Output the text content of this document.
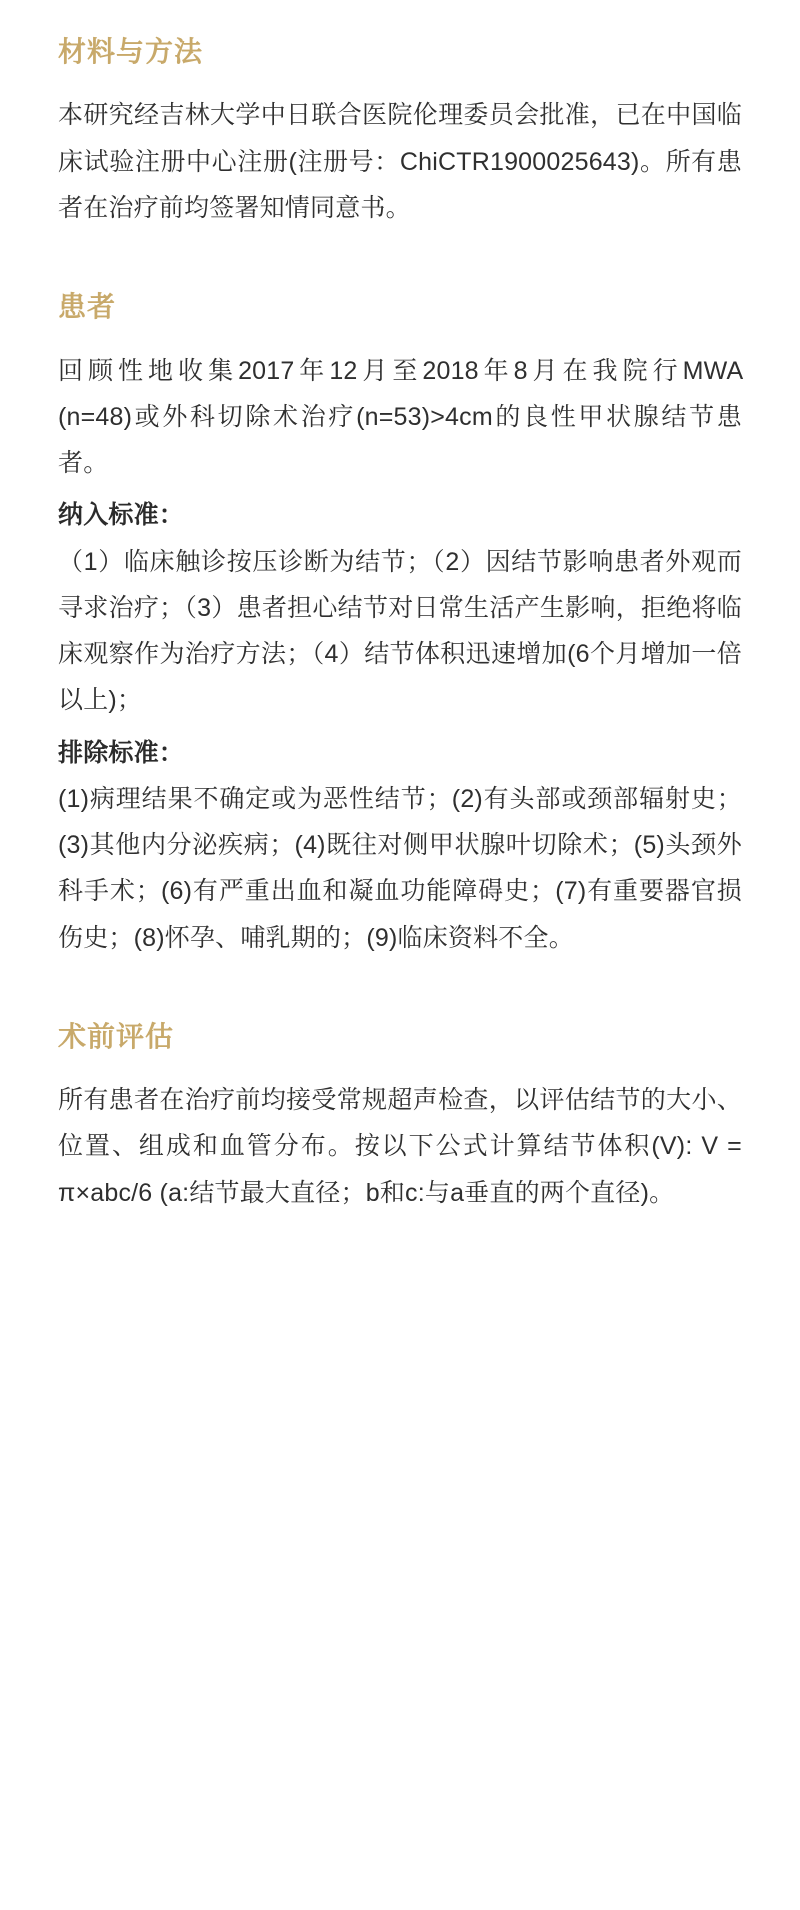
材料与方法

本研究经吉林大学中日联合医院伦理委员会批准，已在中国临床试验注册中心注册(注册号：ChiCTR1900025643)。所有患者在治疗前均签署知情同意书。

患者

回顾性地收集2017年12月至2018年8月在我院行MWA　(n=48)或外科切除术治疗(n=53)>4cm的良性甲状腺结节患者。

纳入标准：

（1）临床触诊按压诊断为结节；（2）因结节影响患者外观而寻求治疗；（3）患者担心结节对日常生活产生影响，拒绝将临床观察作为治疗方法；（4）结节体积迅速增加(6个月增加一倍以上)；

排除标准：

(1)病理结果不确定或为恶性结节；(2)有头部或颈部辐射史；(3)其他内分泌疾病；(4)既往对侧甲状腺叶切除术；(5)头颈外科手术；(6)有严重出血和凝血功能障碍史；(7)有重要器官损伤史；(8)怀孕、哺乳期的；(9)临床资料不全。

术前评估

所有患者在治疗前均接受常规超声检查，以评估结节的大小、位置、组成和血管分布。按以下公式计算结节体积(V): V = π×abc/6 (a:结节最大直径；b和c:与a垂直的两个直径)。
